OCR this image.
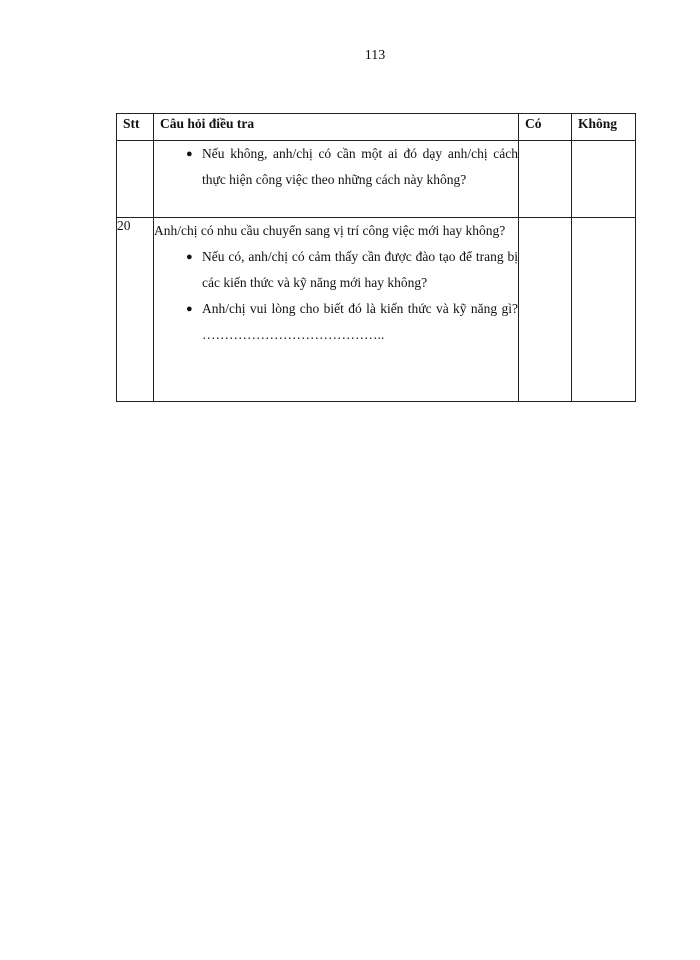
113
Stt	Câu hỏi điều tra	Có	Không

	● Nếu không, anh/chị có cần một ai đó dạy anh/chị cách thực hiện công việc theo những cách này không?		

20	Anh/chị có nhu cầu chuyển sang vị trí công việc mới hay không?
● Nếu có, anh/chị có cảm thấy cần được đào tạo để trang bị các kiến thức và kỹ năng mới hay không?
● Anh/chị vui lòng cho biết đó là kiến thức và kỹ năng gì? …………………………………..		
